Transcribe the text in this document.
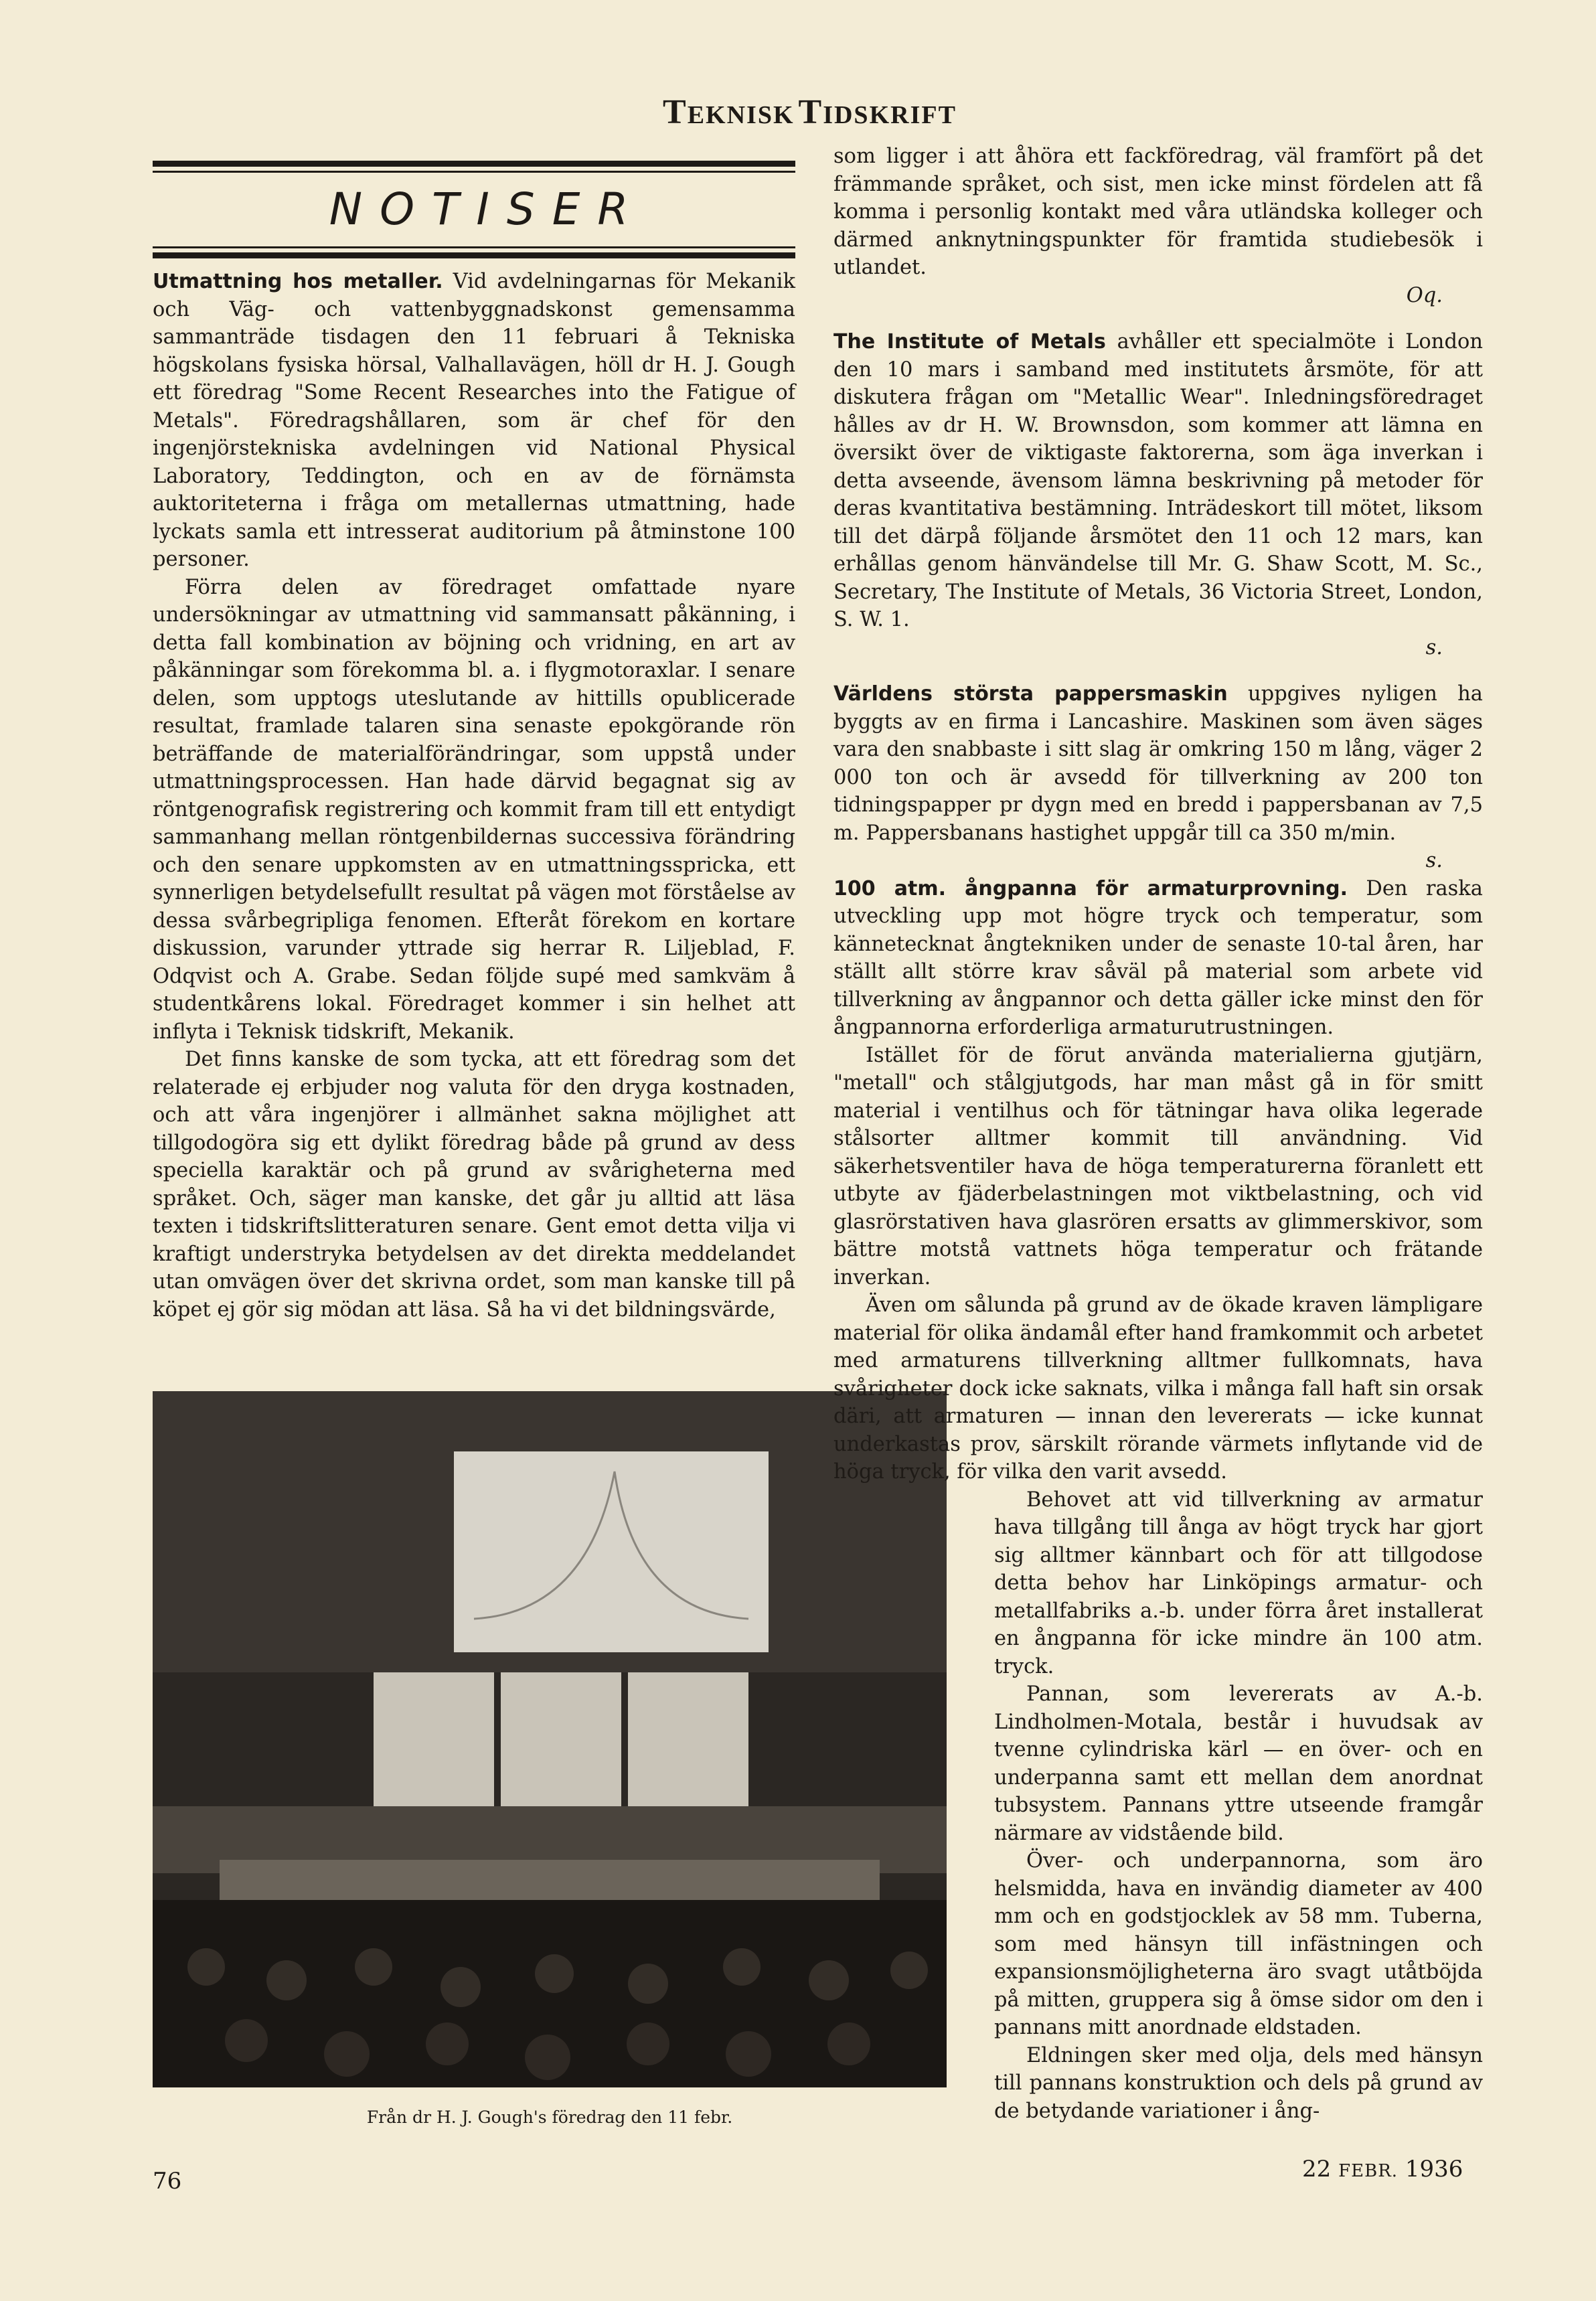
TEKNISK TIDSKRIFT
NOTISER

Utmattning hos metaller. Vid avdelningarnas för Mekanik och Väg- och vattenbyggnadskonst gemensamma sammanträde tisdagen den 11 februari å Tekniska högskolans fysiska hörsal, Valhallavägen, höll dr H. J. Gough ett föredrag "Some Recent Researches into the Fatigue of Metals". Föredragshållaren, som är chef för den ingenjörstekniska avdelningen vid National Physical Laboratory, Teddington, och en av de förnämsta auktoriteterna i fråga om metallernas utmattning, hade lyckats samla ett intresserat auditorium på åtminstone 100 personer.

Förra delen av föredraget omfattade nyare undersökningar av utmattning vid sammansatt påkänning, i detta fall kombination av böjning och vridning, en art av påkänningar som förekomma bl. a. i flygmotoraxlar. I senare delen, som upptogs uteslutande av hittills opublicerade resultat, framlade talaren sina senaste epokgörande rön beträffande de materialförändringar, som uppstå under utmattningsprocessen. Han hade därvid begagnat sig av röntgenografisk registrering och kommit fram till ett entydigt sammanhang mellan röntgenbildernas successiva förändring och den senare uppkomsten av en utmattningsspricka, ett synnerligen betydelsefullt resultat på vägen mot förståelse av dessa svårbegripliga fenomen. Efteråt förekom en kortare diskussion, varunder yttrade sig herrar R. Liljeblad, F. Odqvist och A. Grabe. Sedan följde supé med samkväm å studentkårens lokal. Föredraget kommer i sin helhet att inflyta i Teknisk tidskrift, Mekanik.

Det finns kanske de som tycka, att ett föredrag som det relaterade ej erbjuder nog valuta för den dryga kostnaden, och att våra ingenjörer i allmänhet sakna möjlighet att tillgodogöra sig ett dylikt föredrag både på grund av dess speciella karaktär och på grund av svårigheterna med språket. Och, säger man kanske, det går ju alltid att läsa texten i tidskriftslitteraturen senare. Gent emot detta vilja vi kraftigt understryka betydelsen av det direkta meddelandet utan omvägen över det skrivna ordet, som man kanske till på köpet ej gör sig mödan att läsa. Så ha vi det bildningsvärde,

Från dr H. J. Gough's föredrag den 11 febr.

som ligger i att åhöra ett fackföredrag, väl framfört på det främmande språket, och sist, men icke minst fördelen att få komma i personlig kontakt med våra utländska kolleger och därmed anknytningspunkter för framtida studiebesök i utlandet.
Oq.

The Institute of Metals avhåller ett specialmöte i London den 10 mars i samband med institutets årsmöte, för att diskutera frågan om "Metallic Wear". Inledningsföredraget hålles av dr H. W. Brownsdon, som kommer att lämna en översikt över de viktigaste faktorerna, som äga inverkan i detta avseende, ävensom lämna beskrivning på metoder för deras kvantitativa bestämning. Inträdeskort till mötet, liksom till det därpå följande årsmötet den 11 och 12 mars, kan erhållas genom hänvändelse till Mr. G. Shaw Scott, M. Sc., Secretary, The Institute of Metals, 36 Victoria Street, London, S. W. 1.
s.

Världens största pappersmaskin uppgives nyligen ha byggts av en firma i Lancashire. Maskinen som även säges vara den snabbaste i sitt slag är omkring 150 m lång, väger 2 000 ton och är avsedd för tillverkning av 200 ton tidningspapper pr dygn med en bredd i pappersbanan av 7,5 m. Pappersbanans hastighet uppgår till ca 350 m/min.
s.

100 atm. ångpanna för armaturprovning. Den raska utveckling upp mot högre tryck och temperatur, som kännetecknat ångtekniken under de senaste 10-tal åren, har ställt allt större krav såväl på material som arbete vid tillverkning av ångpannor och detta gäller icke minst den för ångpannorna erforderliga armaturutrustningen.

Istället för de förut använda materialierna gjutjärn, "metall" och stålgjutgods, har man måst gå in för smitt material i ventilhus och för tätningar hava olika legerade stålsorter alltmer kommit till användning. Vid säkerhetsventiler hava de höga temperaturerna föranlett ett utbyte av fjäderbelastningen mot viktbelastning, och vid glasrörstativen hava glasrören ersatts av glimmerskivor, som bättre motstå vattnets höga temperatur och frätande inverkan.

Även om sålunda på grund av de ökade kraven lämpligare material för olika ändamål efter hand framkommit och arbetet med armaturens tillverkning alltmer fullkomnats, hava svårigheter dock icke saknats, vilka i många fall haft sin orsak däri, att armaturen — innan den levererats — icke kunnat underkastas prov, särskilt rörande värmets inflytande vid de höga tryck, för vilka den varit avsedd.

Behovet att vid tillverkning av armatur hava tillgång till ånga av högt tryck har gjort sig alltmer kännbart och för att tillgodose detta behov har Linköpings armatur- och metallfabriks a.-b. under förra året installerat en ångpanna för icke mindre än 100 atm. tryck.

Pannan, som levererats av A.-b. Lindholmen-Motala, består i huvudsak av tvenne cylindriska kärl — en över- och en underpanna samt ett mellan dem anordnat tubsystem. Pannans yttre utseende framgår närmare av vidstående bild.

Över- och underpannorna, som äro helsmidda, hava en invändig diameter av 400 mm och en godstjocklek av 58 mm. Tuberna, som med hänsyn till infästningen och expansionsmöjligheterna äro svagt utåtböjda på mitten, gruppera sig å ömse sidor om den i pannans mitt anordnade eldstaden.

Eldningen sker med olja, dels med hänsyn till pannans konstruktion och dels på grund av de betydande variationer i ång-

76	22 FEBR. 1936
